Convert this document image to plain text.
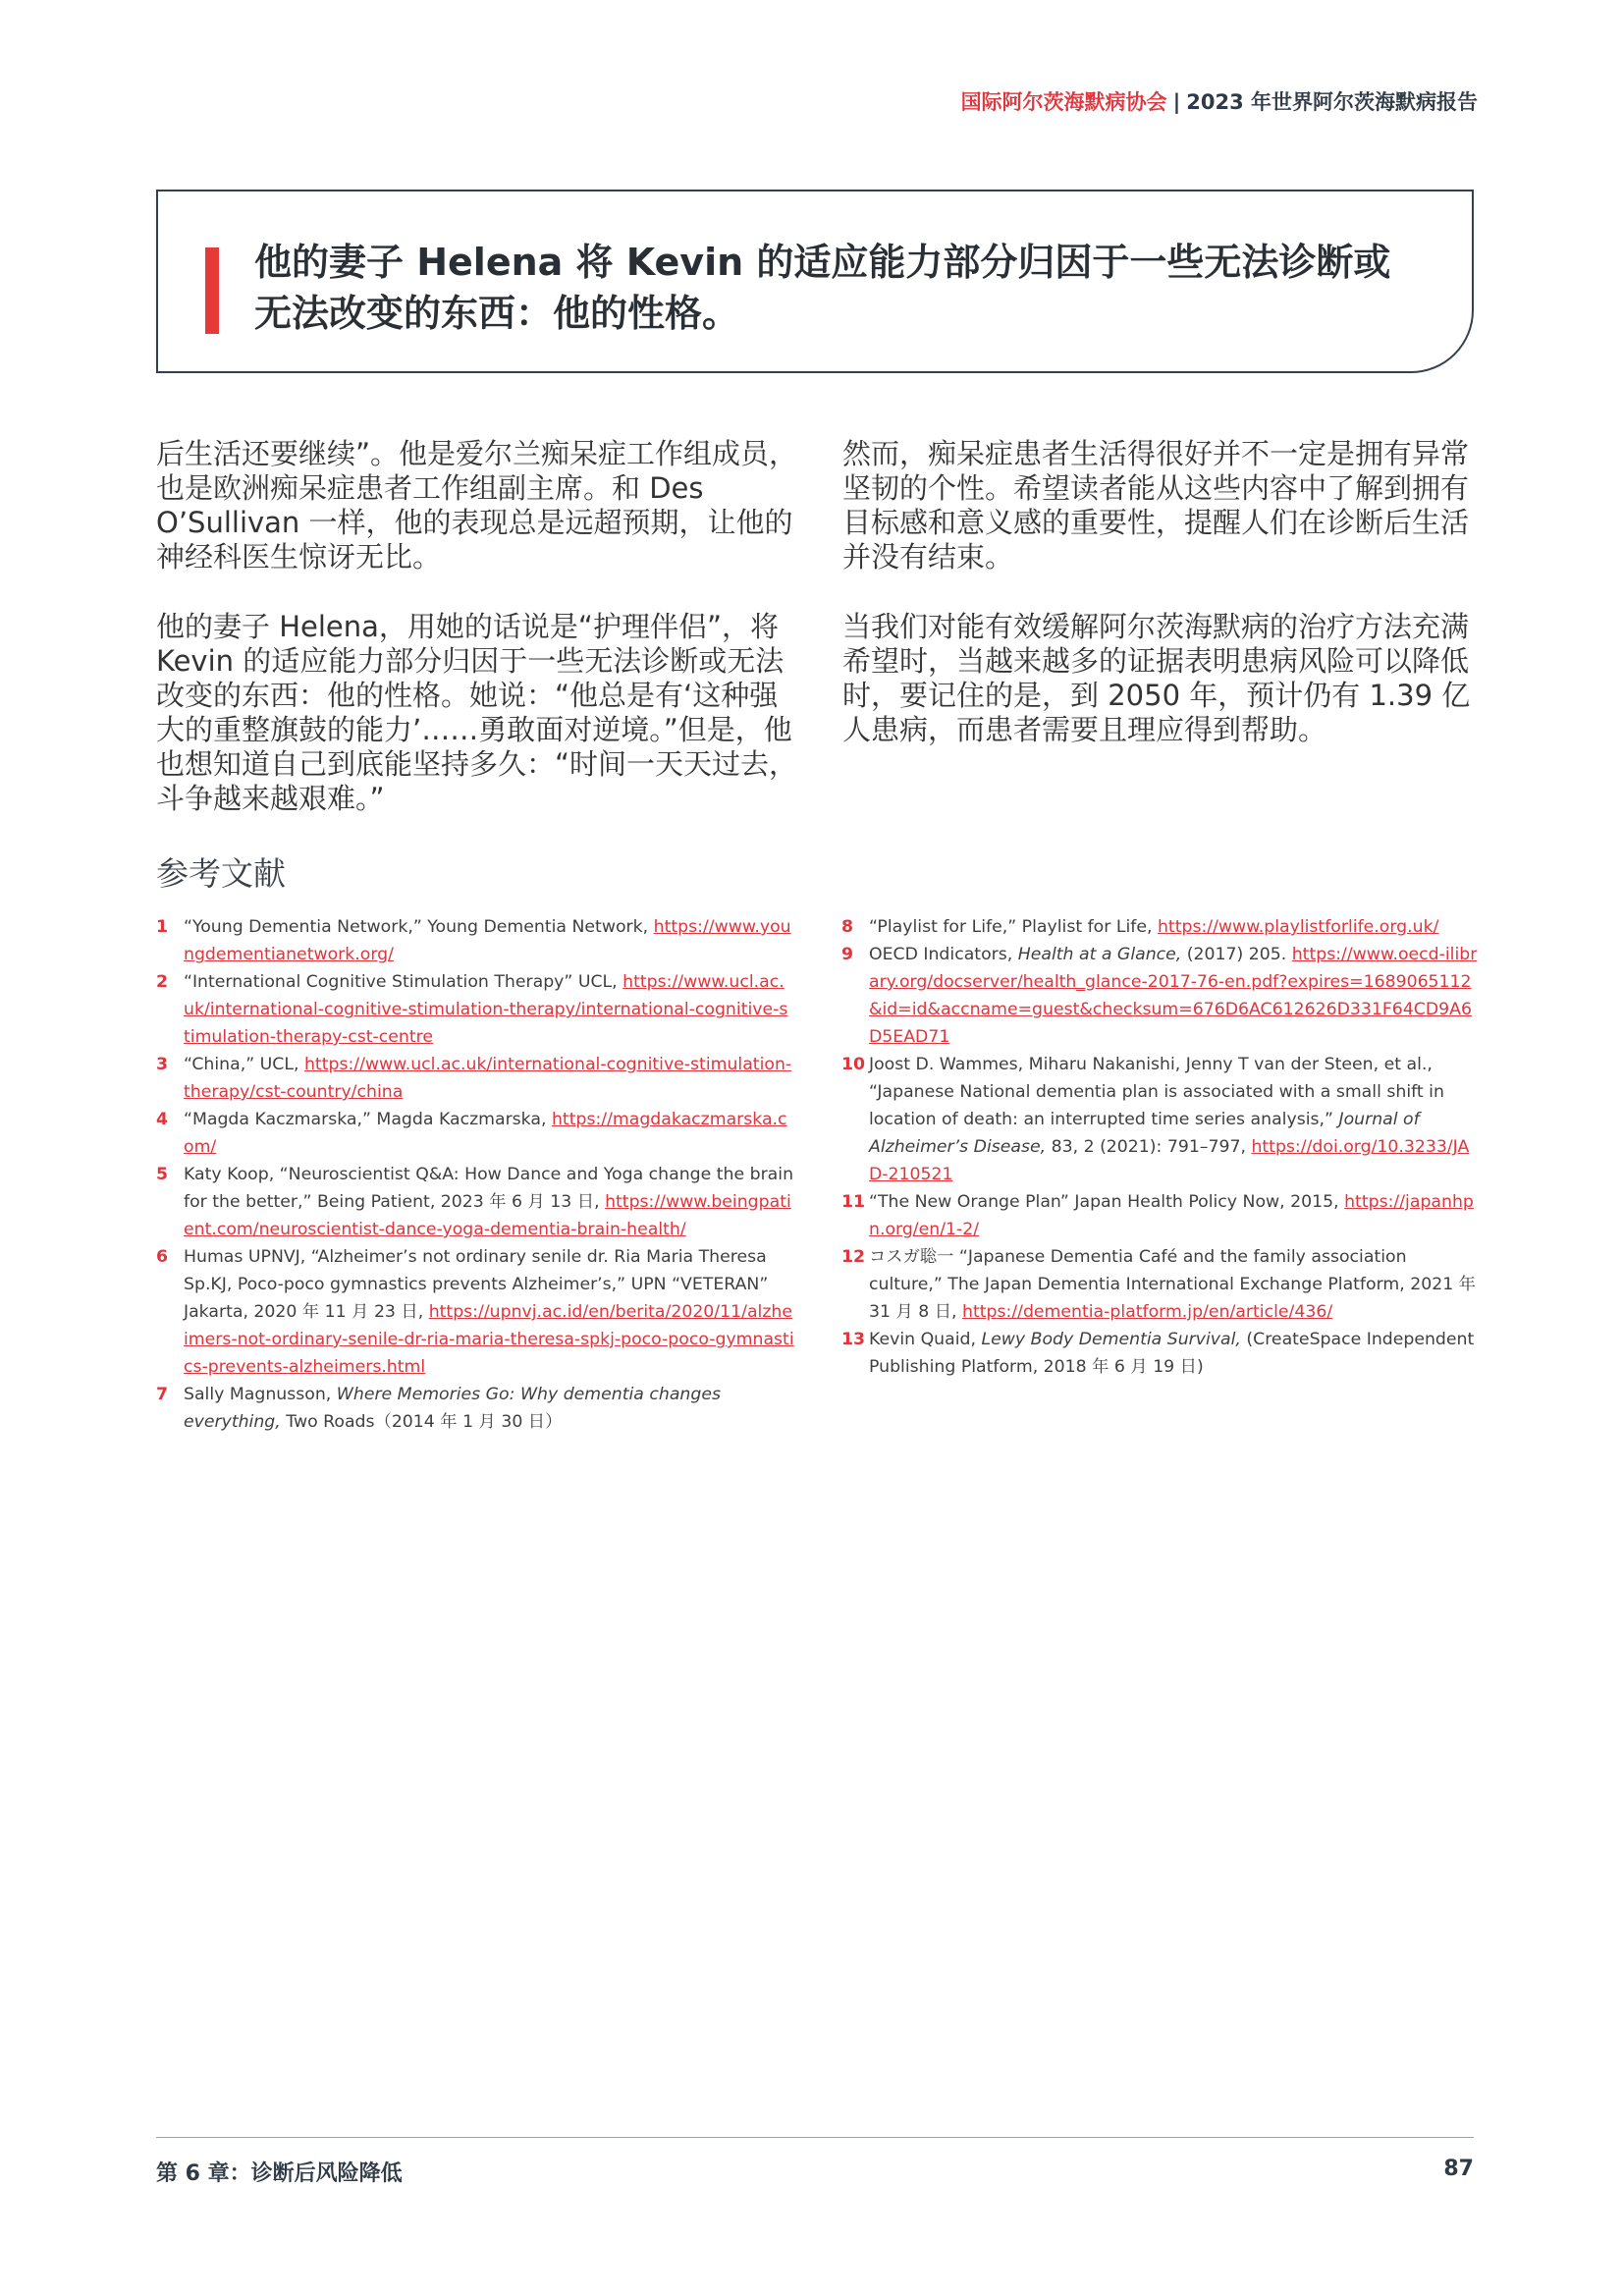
国际阿尔茨海默病协会 | 2023 年世界阿尔茨海默病报告
他的妻子 Helena 将 Kevin 的适应能力部分归因于一些无法诊断或无法改变的东西：他的性格。

后生活还要继续”。他是爱尔兰痴呆症工作组成员，也是欧洲痴呆症患者工作组副主席。和 Des O’Sullivan 一样，他的表现总是远超预期，让他的神经科医生惊讶无比。

他的妻子 Helena，用她的话说是“护理伴侣”，将 Kevin 的适应能力部分归因于一些无法诊断或无法改变的东西：他的性格。她说：“他总是有‘这种强大的重整旗鼓的能力’……勇敢面对逆境。”但是，他也想知道自己到底能坚持多久：“时间一天天过去，斗争越来越艰难。”

然而，痴呆症患者生活得很好并不一定是拥有异常坚韧的个性。希望读者能从这些内容中了解到拥有目标感和意义感的重要性，提醒人们在诊断后生活并没有结束。

当我们对能有效缓解阿尔茨海默病的治疗方法充满希望时，当越来越多的证据表明患病风险可以降低时，要记住的是，到 2050 年，预计仍有 1.39 亿人患病，而患者需要且理应得到帮助。

参考文献
1 “Young Dementia Network,” Young Dementia Network, https://www.youngdementianetwork.org/
2 “International Cognitive Stimulation Therapy” UCL, https://www.ucl.ac.uk/international-cognitive-stimulation-therapy/international-cognitive-stimulation-therapy-cst-centre
3 “China,” UCL, https://www.ucl.ac.uk/international-cognitive-stimulation-therapy/cst-country/china
4 “Magda Kaczmarska,” Magda Kaczmarska, https://magdakaczmarska.com/
5 Katy Koop, “Neuroscientist Q&A: How Dance and Yoga change the brain for the better,” Being Patient, 2023 年 6 月 13 日, https://www.beingpatient.com/neuroscientist-dance-yoga-dementia-brain-health/
6 Humas UPNVJ, “Alzheimer’s not ordinary senile dr. Ria Maria Theresa Sp.KJ, Poco-poco gymnastics prevents Alzheimer’s,” UPN “VETERAN” Jakarta, 2020 年 11 月 23 日, https://upnvj.ac.id/en/berita/2020/11/alzheimers-not-ordinary-senile-dr-ria-maria-theresa-spkj-poco-poco-gymnastics-prevents-alzheimers.html
7 Sally Magnusson, Where Memories Go: Why dementia changes everything, Two Roads（2014 年 1 月 30 日）
8 “Playlist for Life,” Playlist for Life, https://www.playlistforlife.org.uk/
9 OECD Indicators, Health at a Glance, (2017) 205. https://www.oecd-ilibrary.org/docserver/health_glance-2017-76-en.pdf?expires=1689065112&id=id&accname=guest&checksum=676D6AC612626D331F64CD9A6D5EAD71
10 Joost D. Wammes, Miharu Nakanishi, Jenny T van der Steen, et al., “Japanese National dementia plan is associated with a small shift in location of death: an interrupted time series analysis,” Journal of Alzheimer’s Disease, 83, 2 (2021): 791–797, https://doi.org/10.3233/JAD-210521
11 “The New Orange Plan” Japan Health Policy Now, 2015, https://japanhpn.org/en/1-2/
12 コスガ聡一 “Japanese Dementia Café and the family association culture,” The Japan Dementia International Exchange Platform, 2021 年 31 月 8 日, https://dementia-platform.jp/en/article/436/
13 Kevin Quaid, Lewy Body Dementia Survival, (CreateSpace Independent Publishing Platform, 2018 年 6 月 19 日)
第 6 章：诊断后风险降低	87
